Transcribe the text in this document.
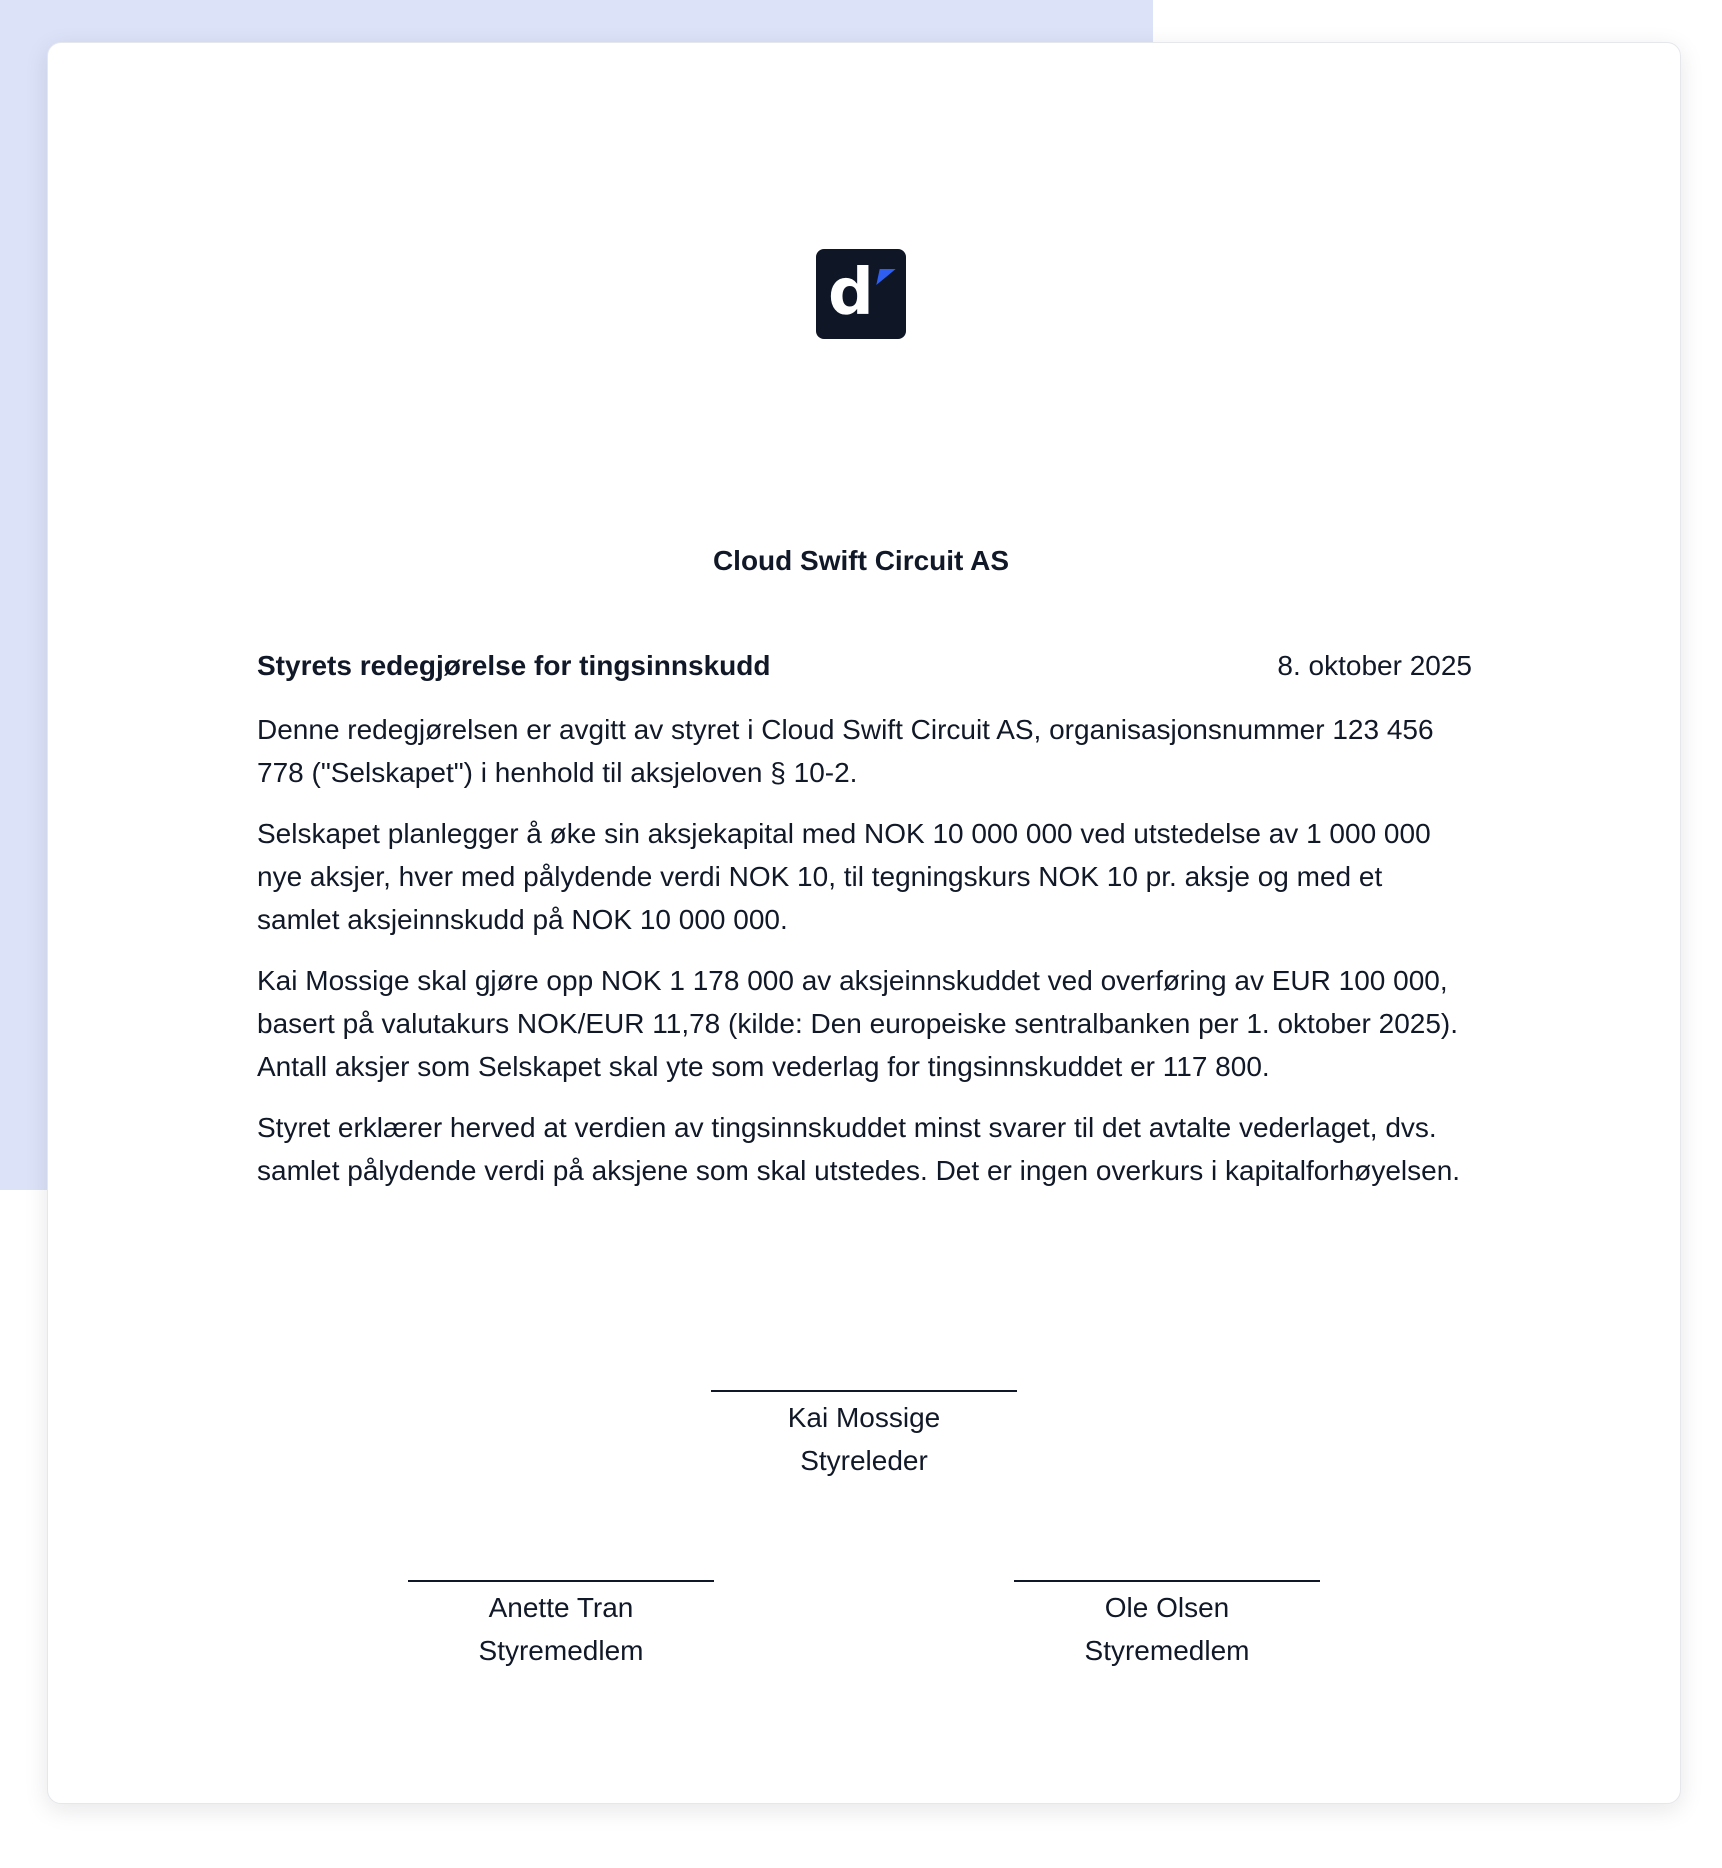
d
Cloud Swift Circuit AS
Styrets redegjørelse for tingsinnskudd	8. oktober 2025

Denne redegjørelsen er avgitt av styret i Cloud Swift Circuit AS, organisasjonsnummer 123 456 778 ("Selskapet") i henhold til aksjeloven § 10-2.

Selskapet planlegger å øke sin aksjekapital med NOK 10 000 000 ved utstedelse av 1 000 000 nye aksjer, hver med pålydende verdi NOK 10, til tegningskurs NOK 10 pr. aksje og med et samlet aksjeinnskudd på NOK 10 000 000.

Kai Mossige skal gjøre opp NOK 1 178 000 av aksjeinnskuddet ved overføring av EUR 100 000, basert på valutakurs NOK/EUR 11,78 (kilde: Den europeiske sentralbanken per 1. oktober 2025). Antall aksjer som Selskapet skal yte som vederlag for tingsinnskuddet er 117 800.

Styret erklærer herved at verdien av tingsinnskuddet minst svarer til det avtalte vederlaget, dvs. samlet pålydende verdi på aksjene som skal utstedes. Det er ingen overkurs i kapitalforhøyelsen.

Kai Mossige
Styreleder
Anette Tran
Styremedlem
Ole Olsen
Styremedlem
